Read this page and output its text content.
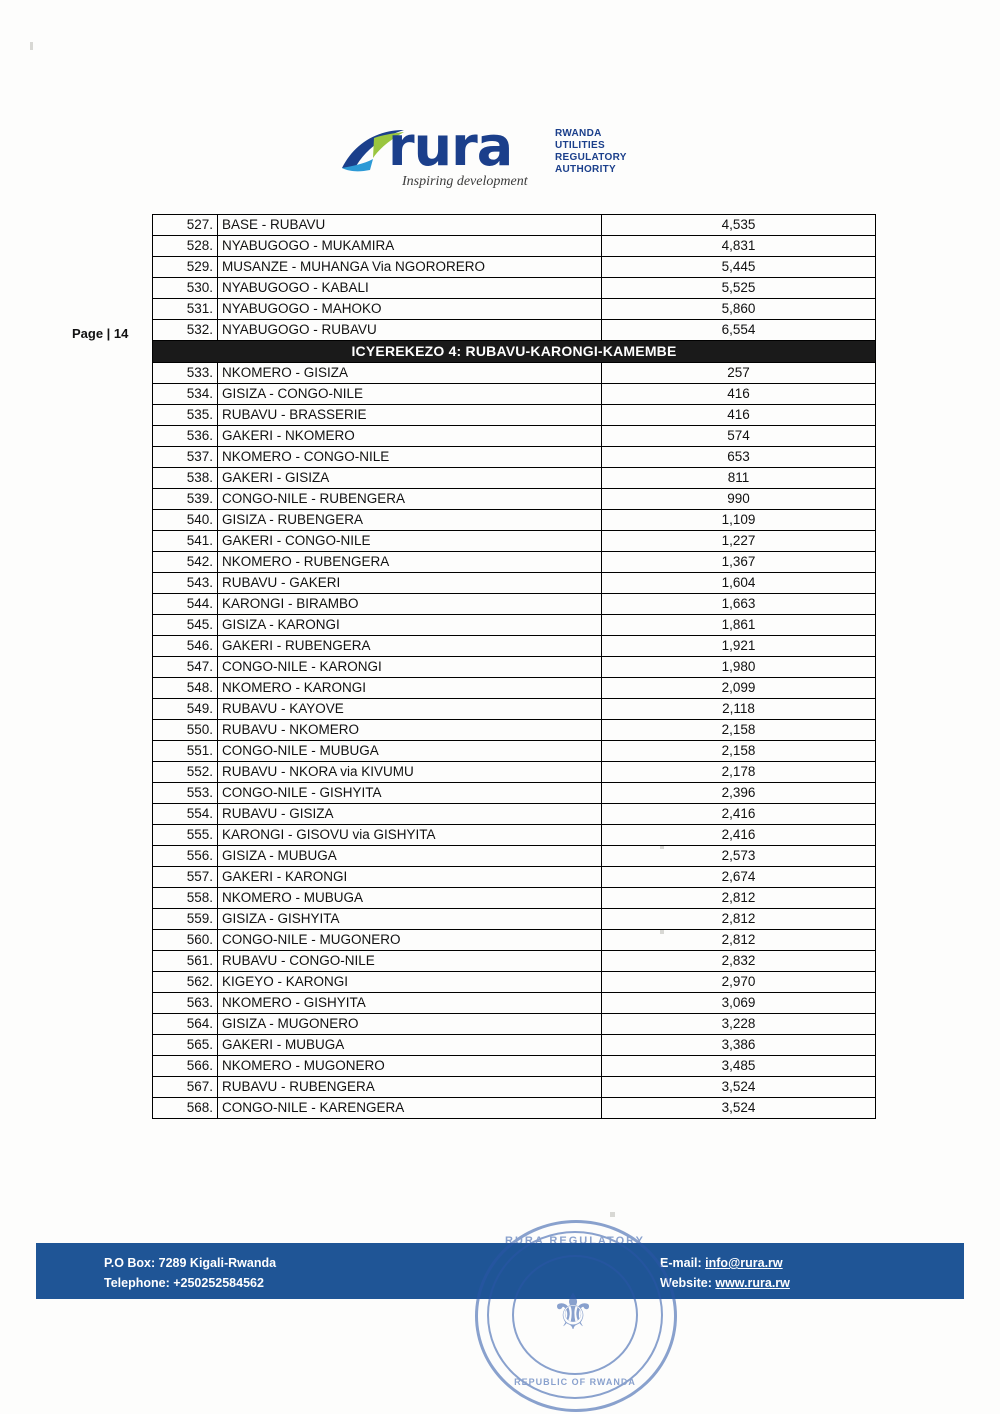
rura
Inspiring development
RWANDA
UTILITIES
REGULATORY
AUTHORITY
Page | 14
527.	BASE - RUBAVU	4,535
528.	NYABUGOGO - MUKAMIRA	4,831
529.	MUSANZE - MUHANGA Via NGORORERO	5,445
530.	NYABUGOGO - KABALI	5,525
531.	NYABUGOGO - MAHOKO	5,860
532.	NYABUGOGO - RUBAVU	6,554
ICYEREKEZO 4: RUBAVU-KARONGI-KAMEMBE		
533.	NKOMERO - GISIZA	257
534.	GISIZA - CONGO-NILE	416
535.	RUBAVU - BRASSERIE	416
536.	GAKERI - NKOMERO	574
537.	NKOMERO - CONGO-NILE	653
538.	GAKERI - GISIZA	811
539.	CONGO-NILE - RUBENGERA	990
540.	GISIZA - RUBENGERA	1,109
541.	GAKERI - CONGO-NILE	1,227
542.	NKOMERO - RUBENGERA	1,367
543.	RUBAVU - GAKERI	1,604
544.	KARONGI - BIRAMBO	1,663
545.	GISIZA - KARONGI	1,861
546.	GAKERI - RUBENGERA	1,921
547.	CONGO-NILE - KARONGI	1,980
548.	NKOMERO - KARONGI	2,099
549.	RUBAVU - KAYOVE	2,118
550.	RUBAVU - NKOMERO	2,158
551.	CONGO-NILE - MUBUGA	2,158
552.	RUBAVU - NKORA via KIVUMU	2,178
553.	CONGO-NILE - GISHYITA	2,396
554.	RUBAVU - GISIZA	2,416
555.	KARONGI - GISOVU via GISHYITA	2,416
556.	GISIZA - MUBUGA	2,573
557.	GAKERI - KARONGI	2,674
558.	NKOMERO - MUBUGA	2,812
559.	GISIZA - GISHYITA	2,812
560.	CONGO-NILE - MUGONERO	2,812
561.	RUBAVU - CONGO-NILE	2,832
562.	KIGEYO - KARONGI	2,970
563.	NKOMERO - GISHYITA	3,069
564.	GISIZA - MUGONERO	3,228
565.	GAKERI - MUBUGA	3,386
566.	NKOMERO - MUGONERO	3,485
567.	RUBAVU - RUBENGERA	3,524
568.	CONGO-NILE - KARENGERA	3,524
P.O Box: 7289 Kigali-Rwanda
Telephone: +250252584562
E-mail: info@rura.rw
Website: www.rura.rw
RURA REGULATORY
⚜
REPUBLIC OF RWANDA
